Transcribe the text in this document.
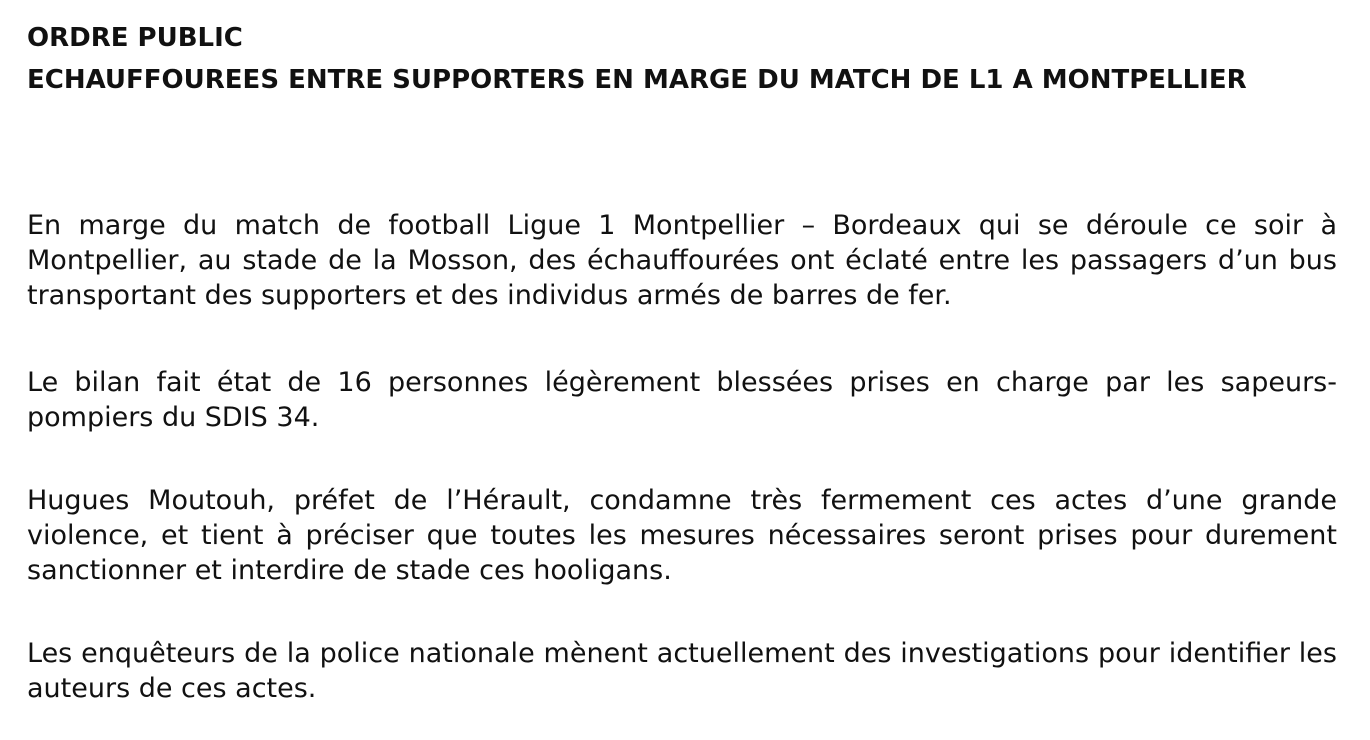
ORDRE PUBLIC
ECHAUFFOUREES ENTRE SUPPORTERS EN MARGE DU MATCH DE L1 A MONTPELLIER

En marge du match de football Ligue 1 Montpellier – Bordeaux qui se déroule ce soir à Montpellier, au stade de la Mosson, des échauffourées ont éclaté entre les passagers d’un bus transportant des supporters et des individus armés de barres de fer.

Le bilan fait état de 16 personnes légèrement blessées prises en charge par les sapeurs-pompiers du SDIS 34.

Hugues Moutouh, préfet de l’Hérault, condamne très fermement ces actes d’une grande violence, et tient à préciser que toutes les mesures nécessaires seront prises pour durement sanctionner et interdire de stade ces hooligans.

Les enquêteurs de la police nationale mènent actuellement des investigations pour identifier les auteurs de ces actes.
